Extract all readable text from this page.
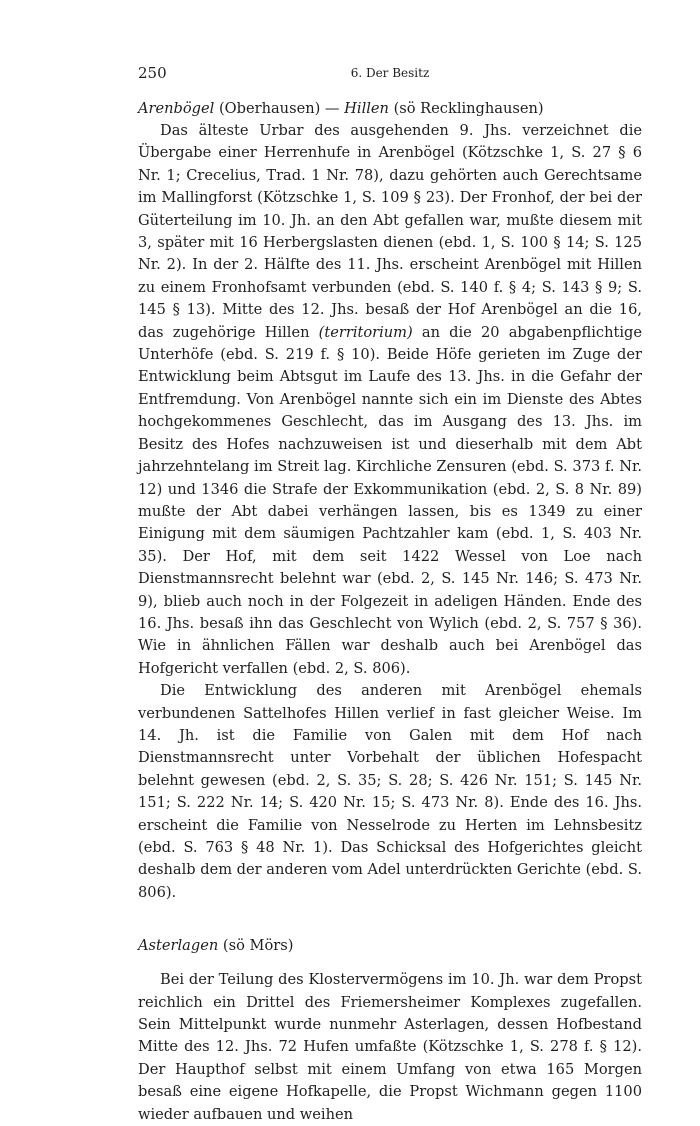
250	6. Der Besitz

Arenbögel (Oberhausen) — Hillen (sö Recklinghausen)

Das älteste Urbar des ausgehenden 9. Jhs. verzeichnet die Übergabe einer Herrenhufe in Arenbögel (Kötzschke 1, S. 27 § 6 Nr. 1; Crecelius, Trad. 1 Nr. 78), dazu gehörten auch Gerechtsame im Mallingforst (Kötzschke 1, S. 109 § 23). Der Fronhof, der bei der Güterteilung im 10. Jh. an den Abt gefallen war, mußte diesem mit 3, später mit 16 Herbergslasten dienen (ebd. 1, S. 100 § 14; S. 125 Nr. 2). In der 2. Hälfte des 11. Jhs. erscheint Arenbögel mit Hillen zu einem Fronhofsamt verbunden (ebd. S. 140 f. § 4; S. 143 § 9; S. 145 § 13). Mitte des 12. Jhs. besaß der Hof Arenbögel an die 16, das zugehörige Hillen (territorium) an die 20 abgabenpflichtige Unterhöfe (ebd. S. 219 f. § 10). Beide Höfe gerieten im Zuge der Entwicklung beim Abtsgut im Laufe des 13. Jhs. in die Gefahr der Entfremdung. Von Arenbögel nannte sich ein im Dienste des Abtes hochgekommenes Geschlecht, das im Ausgang des 13. Jhs. im Besitz des Hofes nachzuweisen ist und dieserhalb mit dem Abt jahrzehntelang im Streit lag. Kirchliche Zensuren (ebd. S. 373 f. Nr. 12) und 1346 die Strafe der Exkommunikation (ebd. 2, S. 8 Nr. 89) mußte der Abt dabei verhängen lassen, bis es 1349 zu einer Einigung mit dem säumigen Pachtzahler kam (ebd. 1, S. 403 Nr. 35). Der Hof, mit dem seit 1422 Wessel von Loe nach Dienstmannsrecht belehnt war (ebd. 2, S. 145 Nr. 146; S. 473 Nr. 9), blieb auch noch in der Folgezeit in adeligen Händen. Ende des 16. Jhs. besaß ihn das Geschlecht von Wylich (ebd. 2, S. 757 § 36). Wie in ähnlichen Fällen war deshalb auch bei Arenbögel das Hofgericht verfallen (ebd. 2, S. 806).

Die Entwicklung des anderen mit Arenbögel ehemals verbundenen Sattelhofes Hillen verlief in fast gleicher Weise. Im 14. Jh. ist die Familie von Galen mit dem Hof nach Dienstmannsrecht unter Vorbehalt der üblichen Hofespacht belehnt gewesen (ebd. 2, S. 35; S. 28; S. 426 Nr. 151; S. 145 Nr. 151; S. 222 Nr. 14; S. 420 Nr. 15; S. 473 Nr. 8). Ende des 16. Jhs. erscheint die Familie von Nesselrode zu Herten im Lehnsbesitz (ebd. S. 763 § 48 Nr. 1). Das Schicksal des Hofgerichtes gleicht deshalb dem der anderen vom Adel unterdrückten Gerichte (ebd. S. 806).

Asterlagen (sö Mörs)

Bei der Teilung des Klostervermögens im 10. Jh. war dem Propst reichlich ein Drittel des Friemersheimer Komplexes zugefallen. Sein Mittelpunkt wurde nunmehr Asterlagen, dessen Hofbestand Mitte des 12. Jhs. 72 Hufen umfaßte (Kötzschke 1, S. 278 f. § 12). Der Haupthof selbst mit einem Umfang von etwa 165 Morgen besaß eine eigene Hofkapelle, die Propst Wichmann gegen 1100 wieder aufbauen und weihen
